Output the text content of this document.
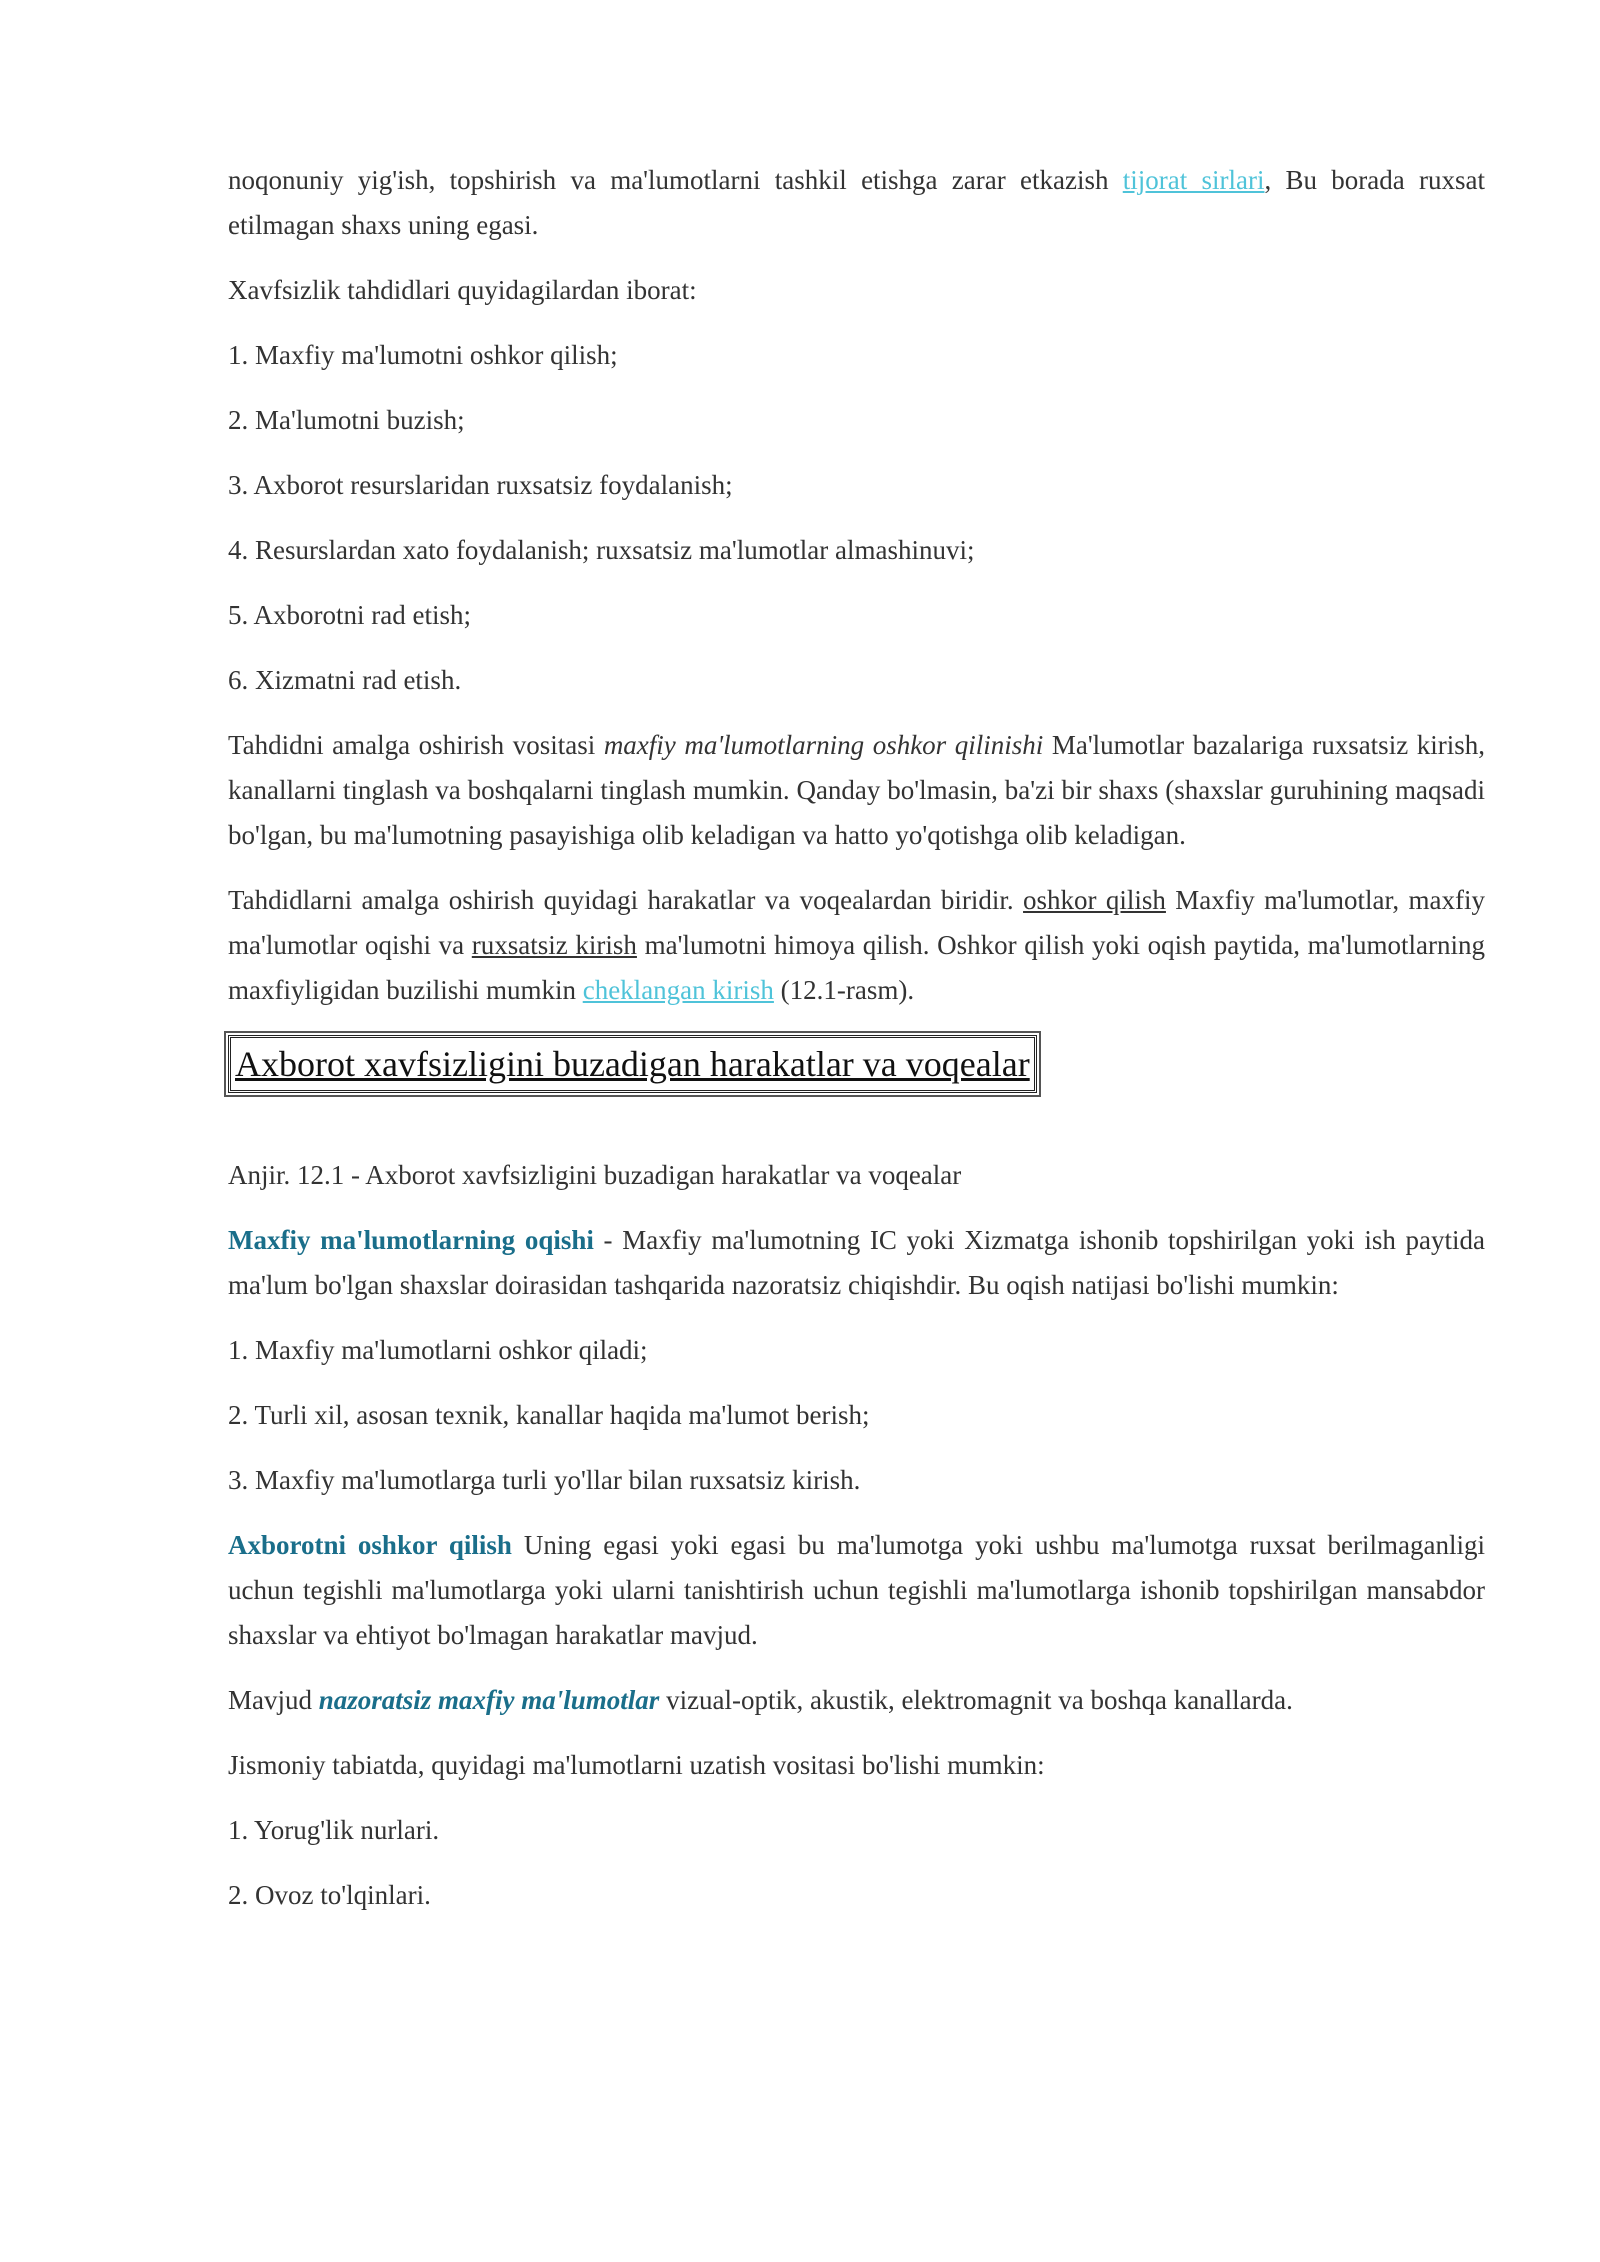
noqonuniy yig'ish, topshirish va ma'lumotlarni tashkil etishga zarar etkazish tijorat sirlari, Bu borada ruxsat etilmagan shaxs uning egasi.

Xavfsizlik tahdidlari quyidagilardan iborat:

1. Maxfiy ma'lumotni oshkor qilish;

2. Ma'lumotni buzish;

3. Axborot resurslaridan ruxsatsiz foydalanish;

4. Resurslardan xato foydalanish; ruxsatsiz ma'lumotlar almashinuvi;

5. Axborotni rad etish;

6. Xizmatni rad etish.

Tahdidni amalga oshirish vositasi maxfiy ma'lumotlarning oshkor qilinishi Ma'lumotlar bazalariga ruxsatsiz kirish, kanallarni tinglash va boshqalarni tinglash mumkin. Qanday bo'lmasin, ba'zi bir shaxs (shaxslar guruhining maqsadi bo'lgan, bu ma'lumotning pasayishiga olib keladigan va hatto yo'qotishga olib keladigan.

Tahdidlarni amalga oshirish quyidagi harakatlar va voqealardan biridir. oshkor qilish Maxfiy ma'lumotlar, maxfiy ma'lumotlar oqishi va ruxsatsiz kirish ma'lumotni himoya qilish. Oshkor qilish yoki oqish paytida, ma'lumotlarning maxfiyligidan buzilishi mumkin cheklangan kirish (12.1-rasm).

Axborot xavfsizligini buzadigan harakatlar va voqealar

Anjir. 12.1 - Axborot xavfsizligini buzadigan harakatlar va voqealar

Maxfiy ma'lumotlarning oqishi - Maxfiy ma'lumotning IC yoki Xizmatga ishonib topshirilgan yoki ish paytida ma'lum bo'lgan shaxslar doirasidan tashqarida nazoratsiz chiqishdir. Bu oqish natijasi bo'lishi mumkin:

1. Maxfiy ma'lumotlarni oshkor qiladi;

2. Turli xil, asosan texnik, kanallar haqida ma'lumot berish;

3. Maxfiy ma'lumotlarga turli yo'llar bilan ruxsatsiz kirish.

Axborotni oshkor qilish Uning egasi yoki egasi bu ma'lumotga yoki ushbu ma'lumotga ruxsat berilmaganligi uchun tegishli ma'lumotlarga yoki ularni tanishtirish uchun tegishli ma'lumotlarga ishonib topshirilgan mansabdor shaxslar va ehtiyot bo'lmagan harakatlar mavjud.

Mavjud nazoratsiz maxfiy ma'lumotlar vizual-optik, akustik, elektromagnit va boshqa kanallarda.

Jismoniy tabiatda, quyidagi ma'lumotlarni uzatish vositasi bo'lishi mumkin:

1. Yorug'lik nurlari.

2. Ovoz to'lqinlari.
